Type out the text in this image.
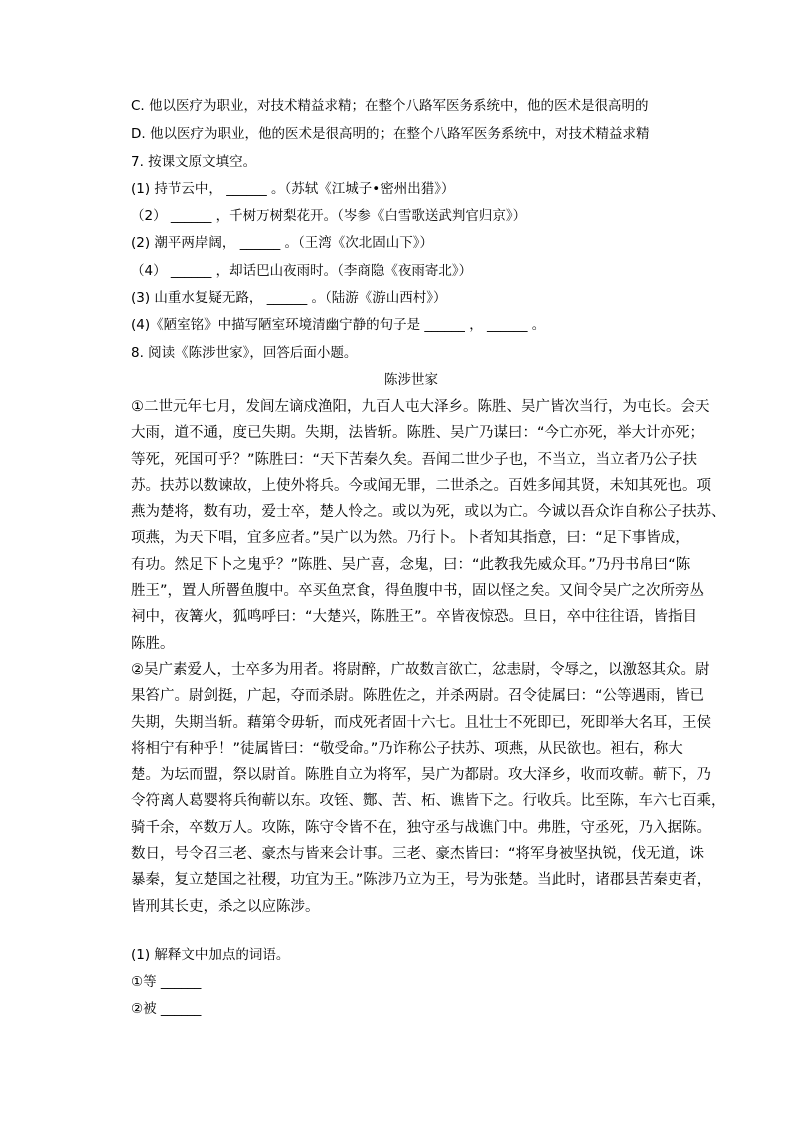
C. 他以医疗为职业，对技术精益求精；在整个八路军医务系统中，他的医术是很高明的
D. 他以医疗为职业，他的医术是很高明的；在整个八路军医务系统中，对技术精益求精
7. 按课文原文填空。
(1) 持节云中， ______ 。（苏轼《江城子•密州出猎》）
（2） ______ ，千树万树梨花开。（岑参《白雪歌送武判官归京》）
(2) 潮平两岸阔， ______ 。（王湾《次北固山下》）
（4） ______ ，却话巴山夜雨时。（李商隐《夜雨寄北》）
(3) 山重水复疑无路， ______ 。（陆游《游山西村》）
(4)《陋室铭》中描写陋室环境清幽宁静的句子是 ______ ， ______ 。
8. 阅读《陈涉世家》，回答后面小题。
陈涉世家
①二世元年七月，发闾左谪戍渔阳，九百人屯大泽乡。陈胜、吴广皆次当行，为屯长。会天
大雨，道不通，度已失期。失期，法皆斩。陈胜、吴广乃谋曰：“今亡亦死，举大计亦死；
等死，死国可乎？”陈胜曰：“天下苦秦久矣。吾闻二世少子也，不当立，当立者乃公子扶
苏。扶苏以数谏故，上使外将兵。今或闻无罪，二世杀之。百姓多闻其贤，未知其死也。项
燕为楚将，数有功，爱士卒，楚人怜之。或以为死，或以为亡。今诚以吾众诈自称公子扶苏、
项燕，为天下唱，宜多应者。”吴广以为然。乃行卜。卜者知其指意，曰：“足下事皆成，
有功。然足下卜之鬼乎？”陈胜、吴广喜，念鬼，曰：“此教我先威众耳。”乃丹书帛曰“陈
胜王”，置人所罾鱼腹中。卒买鱼烹食，得鱼腹中书，固以怪之矣。又间令吴广之次所旁丛
祠中，夜篝火，狐鸣呼曰：“大楚兴，陈胜王”。卒皆夜惊恐。旦日，卒中往往语，皆指目
陈胜。
②吴广素爱人，士卒多为用者。将尉醉，广故数言欲亡，忿恚尉，令辱之，以激怒其众。尉
果笞广。尉剑挺，广起，夺而杀尉。陈胜佐之，并杀两尉。召令徒属曰：“公等遇雨，皆已
失期，失期当斩。藉第令毋斩，而戍死者固十六七。且壮士不死即已，死即举大名耳，王侯
将相宁有种乎！”徒属皆曰：“敬受命。”乃诈称公子扶苏、项燕，从民欲也。袒右，称大
楚。为坛而盟，祭以尉首。陈胜自立为将军，吴广为都尉。攻大泽乡，收而攻蕲。蕲下，乃
令符离人葛婴将兵徇蕲以东。攻铚、酂、苦、柘、谯皆下之。行收兵。比至陈，车六七百乘，
骑千余，卒数万人。攻陈，陈守令皆不在，独守丞与战谯门中。弗胜，守丞死，乃入据陈。
数日，号令召三老、豪杰与皆来会计事。三老、豪杰皆曰：“将军身被坚执锐，伐无道，诛
暴秦，复立楚国之社稷，功宜为王。”陈涉乃立为王，号为张楚。当此时，诸郡县苦秦吏者，
皆刑其长吏，杀之以应陈涉。
(1) 解释文中加点的词语。
①等 ______
②被 ______
